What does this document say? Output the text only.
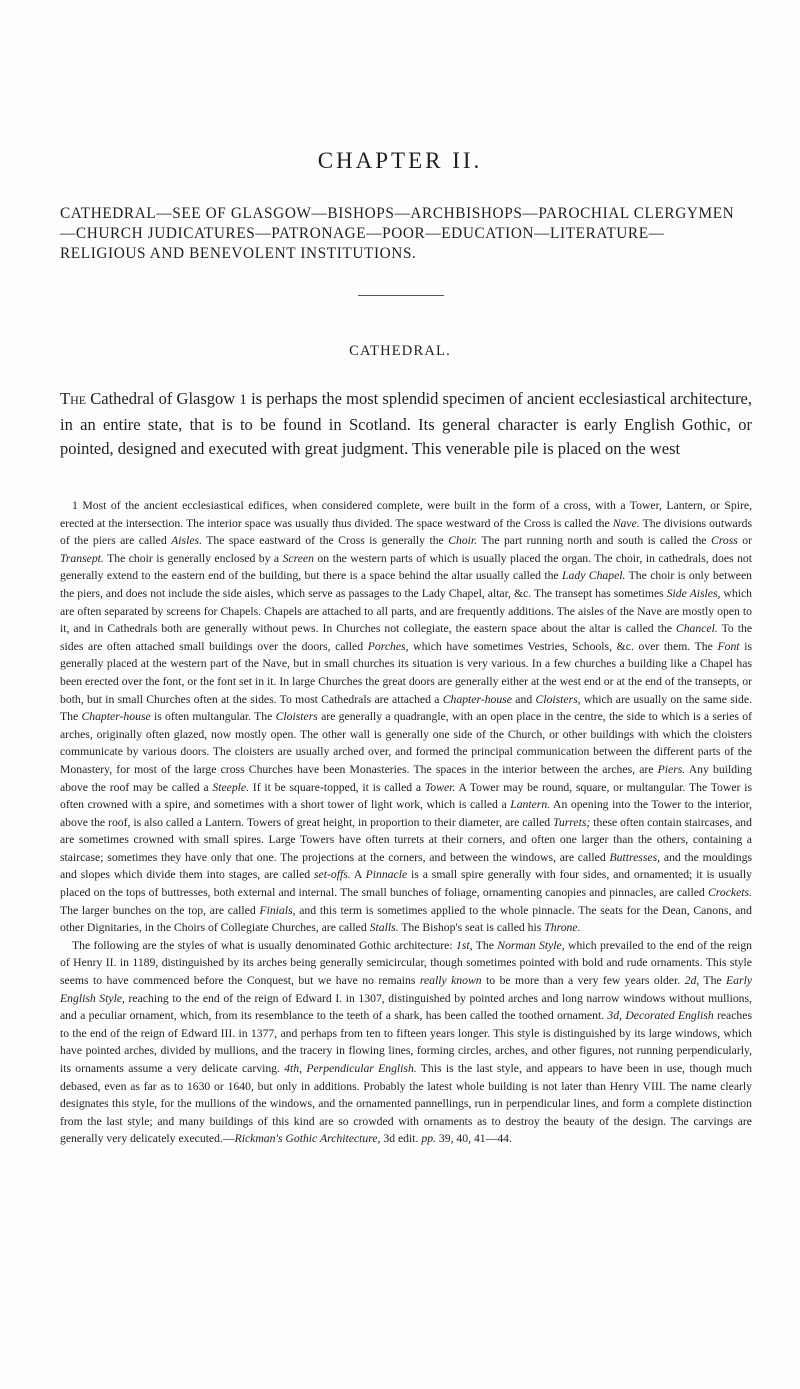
CHAPTER II.
CATHEDRAL—SEE OF GLASGOW—BISHOPS—ARCHBISHOPS—PAROCHIAL CLERGYMEN—CHURCH JUDICATURES—PATRONAGE—POOR—EDUCATION—LITERATURE—RELIGIOUS AND BENEVOLENT INSTITUTIONS.
CATHEDRAL.
The Cathedral of Glasgow 1 is perhaps the most splendid specimen of ancient ecclesiastical architecture, in an entire state, that is to be found in Scotland. Its general character is early English Gothic, or pointed, designed and executed with great judgment. This venerable pile is placed on the west

1 Most of the ancient ecclesiastical edifices, when considered complete, were built in the form of a cross, with a Tower, Lantern, or Spire, erected at the intersection. The interior space was usually thus divided. The space westward of the Cross is called the Nave. The divisions outwards of the piers are called Aisles. The space eastward of the Cross is generally the Choir. The part running north and south is called the Cross or Transept. The choir is generally enclosed by a Screen on the western parts of which is usually placed the organ. The choir, in cathedrals, does not generally extend to the eastern end of the building, but there is a space behind the altar usually called the Lady Chapel. The choir is only between the piers, and does not include the side aisles, which serve as passages to the Lady Chapel, altar, &c. The transept has sometimes Side Aisles, which are often separated by screens for Chapels. Chapels are attached to all parts, and are frequently additions. The aisles of the Nave are mostly open to it, and in Cathedrals both are generally without pews. In Churches not collegiate, the eastern space about the altar is called the Chancel. To the sides are often attached small buildings over the doors, called Porches, which have sometimes Vestries, Schools, &c. over them. The Font is generally placed at the western part of the Nave, but in small churches its situation is very various. In a few churches a building like a Chapel has been erected over the font, or the font set in it. In large Churches the great doors are generally either at the west end or at the end of the transepts, or both, but in small Churches often at the sides. To most Cathedrals are attached a Chapter-house and Cloisters, which are usually on the same side. The Chapter-house is often multangular. The Cloisters are generally a quadrangle, with an open place in the centre, the side to which is a series of arches, originally often glazed, now mostly open. The other wall is generally one side of the Church, or other buildings with which the cloisters communicate by various doors. The cloisters are usually arched over, and formed the principal communication between the different parts of the Monastery, for most of the large cross Churches have been Monasteries. The spaces in the interior between the arches, are Piers. Any building above the roof may be called a Steeple. If it be square-topped, it is called a Tower. A Tower may be round, square, or multangular. The Tower is often crowned with a spire, and sometimes with a short tower of light work, which is called a Lantern. An opening into the Tower to the interior, above the roof, is also called a Lantern. Towers of great height, in proportion to their diameter, are called Turrets; these often contain staircases, and are sometimes crowned with small spires. Large Towers have often turrets at their corners, and often one larger than the others, containing a staircase; sometimes they have only that one. The projections at the corners, and between the windows, are called Buttresses, and the mouldings and slopes which divide them into stages, are called set-offs. A Pinnacle is a small spire generally with four sides, and ornamented; it is usually placed on the tops of buttresses, both external and internal. The small bunches of foliage, ornamenting canopies and pinnacles, are called Crockets. The larger bunches on the top, are called Finials, and this term is sometimes applied to the whole pinnacle. The seats for the Dean, Canons, and other Dignitaries, in the Choirs of Collegiate Churches, are called Stalls. The Bishop's seat is called his Throne.

The following are the styles of what is usually denominated Gothic architecture: 1st, The Norman Style, which prevailed to the end of the reign of Henry II. in 1189, distinguished by its arches being generally semicircular, though sometimes pointed with bold and rude ornaments. This style seems to have commenced before the Conquest, but we have no remains really known to be more than a very few years older. 2d, The Early English Style, reaching to the end of the reign of Edward I. in 1307, distinguished by pointed arches and long narrow windows without mullions, and a peculiar ornament, which, from its resemblance to the teeth of a shark, has been called the toothed ornament. 3d, Decorated English reaches to the end of the reign of Edward III. in 1377, and perhaps from ten to fifteen years longer. This style is distinguished by its large windows, which have pointed arches, divided by mullions, and the tracery in flowing lines, forming circles, arches, and other figures, not running perpendicularly, its ornaments assume a very delicate carving. 4th, Perpendicular English. This is the last style, and appears to have been in use, though much debased, even as far as to 1630 or 1640, but only in additions. Probably the latest whole building is not later than Henry VIII. The name clearly designates this style, for the mullions of the windows, and the ornamented pannellings, run in perpendicular lines, and form a complete distinction from the last style; and many buildings of this kind are so crowded with ornaments as to destroy the beauty of the design. The carvings are generally very delicately executed.—Rickman's Gothic Architecture, 3d edit. pp. 39, 40, 41—44.
